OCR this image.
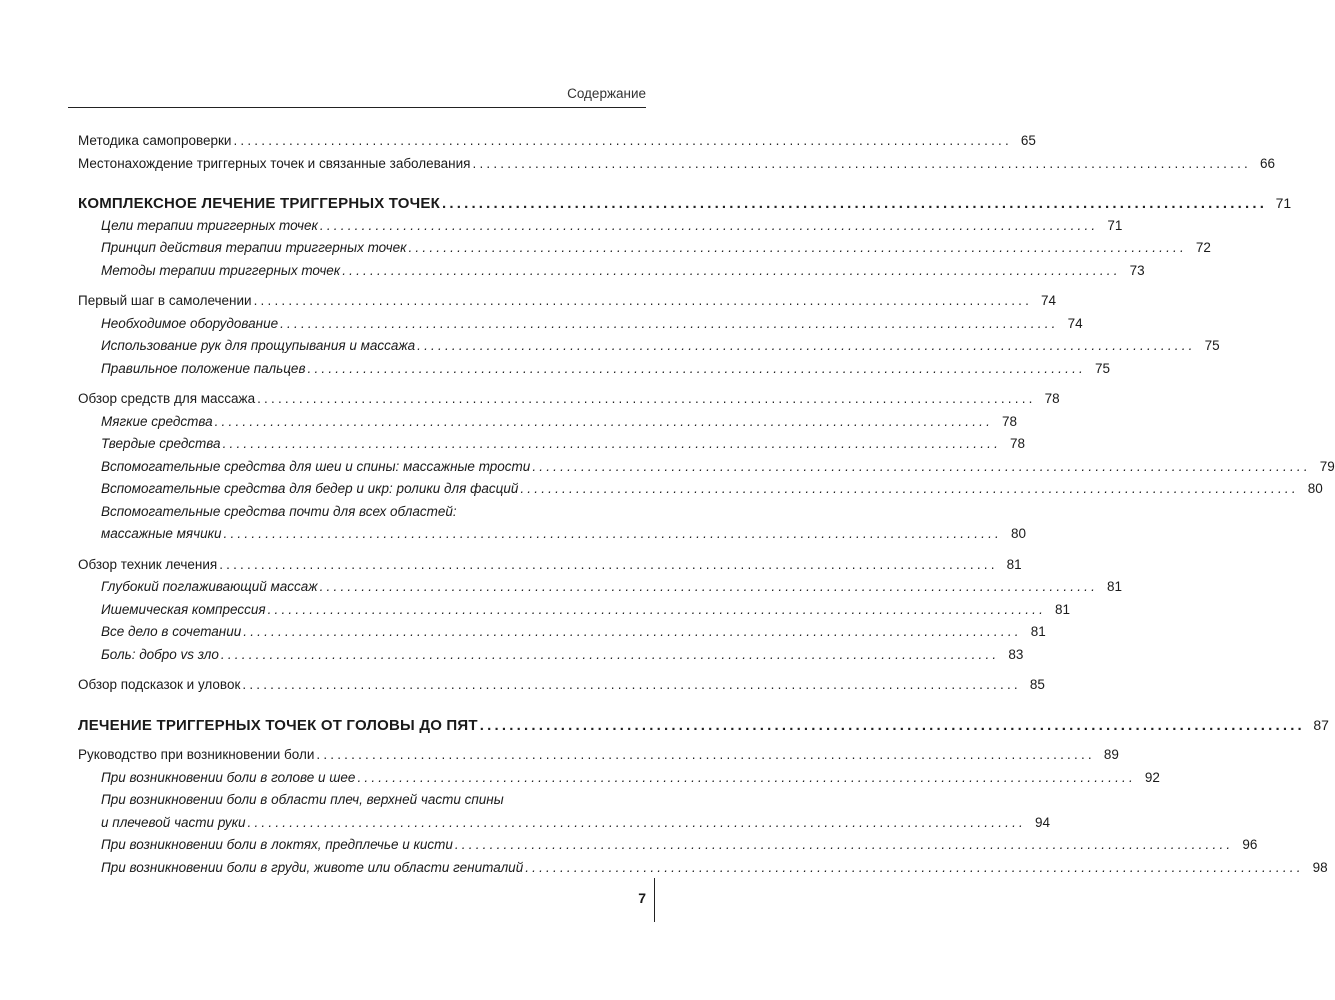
Содержание
Методика самопроверки ................................................................................................................ 65
Местонахождение триггерных точек и связанные заболевания ................................................................................................................ 66
КОМПЛЕКСНОЕ ЛЕЧЕНИЕ ТРИГГЕРНЫХ ТОЧЕК ................................................................................................................ 71
Цели терапии триггерных точек ................................................................................................................ 71
Принцип действия терапии триггерных точек ................................................................................................................ 72
Методы терапии триггерных точек ................................................................................................................ 73
Первый шаг в самолечении ................................................................................................................ 74
Необходимое оборудование ................................................................................................................ 74
Использование рук для прощупывания и массажа ................................................................................................................ 75
Правильное положение пальцев ................................................................................................................ 75
Обзор средств для массажа ................................................................................................................ 78
Мягкие средства ................................................................................................................ 78
Твердые средства ................................................................................................................ 78
Вспомогательные средства для шеи и спины: массажные трости ................................................................................................................ 79
Вспомогательные средства для бедер и икр: ролики для фасций ................................................................................................................ 80
Вспомогательные средства почти для всех областей:
массажные мячики ................................................................................................................ 80
Обзор техник лечения ................................................................................................................ 81
Глубокий поглаживающий массаж ................................................................................................................ 81
Ишемическая компрессия ................................................................................................................ 81
Все дело в сочетании ................................................................................................................ 81
Боль: добро vs зло ................................................................................................................ 83
Обзор подсказок и уловок ................................................................................................................ 85
ЛЕЧЕНИЕ ТРИГГЕРНЫХ ТОЧЕК ОТ ГОЛОВЫ ДО ПЯТ ................................................................................................................ 87
Руководство при возникновении боли ................................................................................................................ 89
При возникновении боли в голове и шее ................................................................................................................ 92
При возникновении боли в области плеч, верхней части спины
и плечевой части руки ................................................................................................................ 94
При возникновении боли в локтях, предплечье и кисти ................................................................................................................ 96
При возникновении боли в груди, животе или области гениталий ................................................................................................................ 98
7
